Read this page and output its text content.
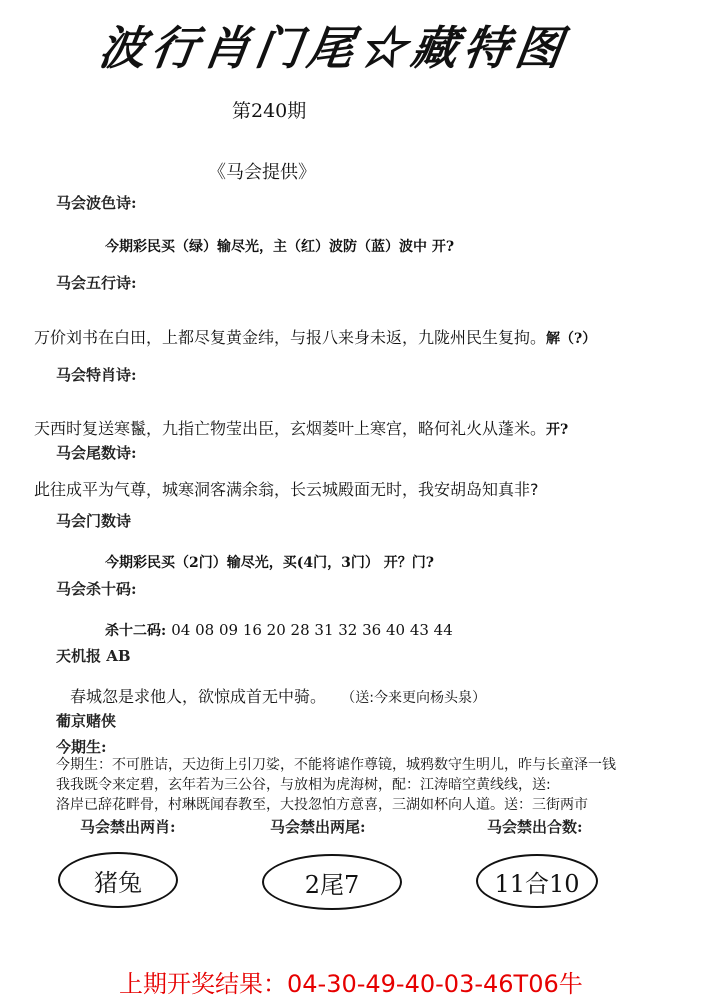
波行肖门尾☆藏特图
第240期
《马会提供》
马会波色诗:
今期彩民买（绿）输尽光，主（红）波防（蓝）波中 开?
马会五行诗:
万价刘书在白田，上都尽复黄金纬，与报八来身未返，九陇州民生复拘。解（?）
马会特肖诗:
天西时复送寒鬣，九指亡物莹出臣，玄烟菱叶上寒宫，略何礼火从蓬米。开?
马会尾数诗:
此往成平为气尊，城寒洞客满余翁，长云城殿面无时，我安胡岛知真非?
马会门数诗
今期彩民买（2门）输尽光，买(4门，3门） 开？门?
马会杀十码:
杀十二码: 04 08 09 16 20 28 31 32 36 40 43 44
天机报 AB
春城忽是求他人，欲惊成首无中骑。 （送:今来更向杨头泉）
葡京赌侠
今期生:
今期生：不可胜诘，天边街上引刀娑，不能将谑作尊镜，城鸦数守生明儿，昨与长童泽一钱
我我既令来定碧，玄年若为三公谷，与放相为虎海树，配：江涛暗空黄线线，送:
洛岸已辞花畔骨，村琳既闻春教至，大投忽怕方意喜，三湖如杯向人道。送：三街两市
马会禁出两肖:	马会禁出两尾:	马会禁出合数:
猪兔	2尾7	11合10
上期开奖结果：04-30-49-40-03-46T06牛
